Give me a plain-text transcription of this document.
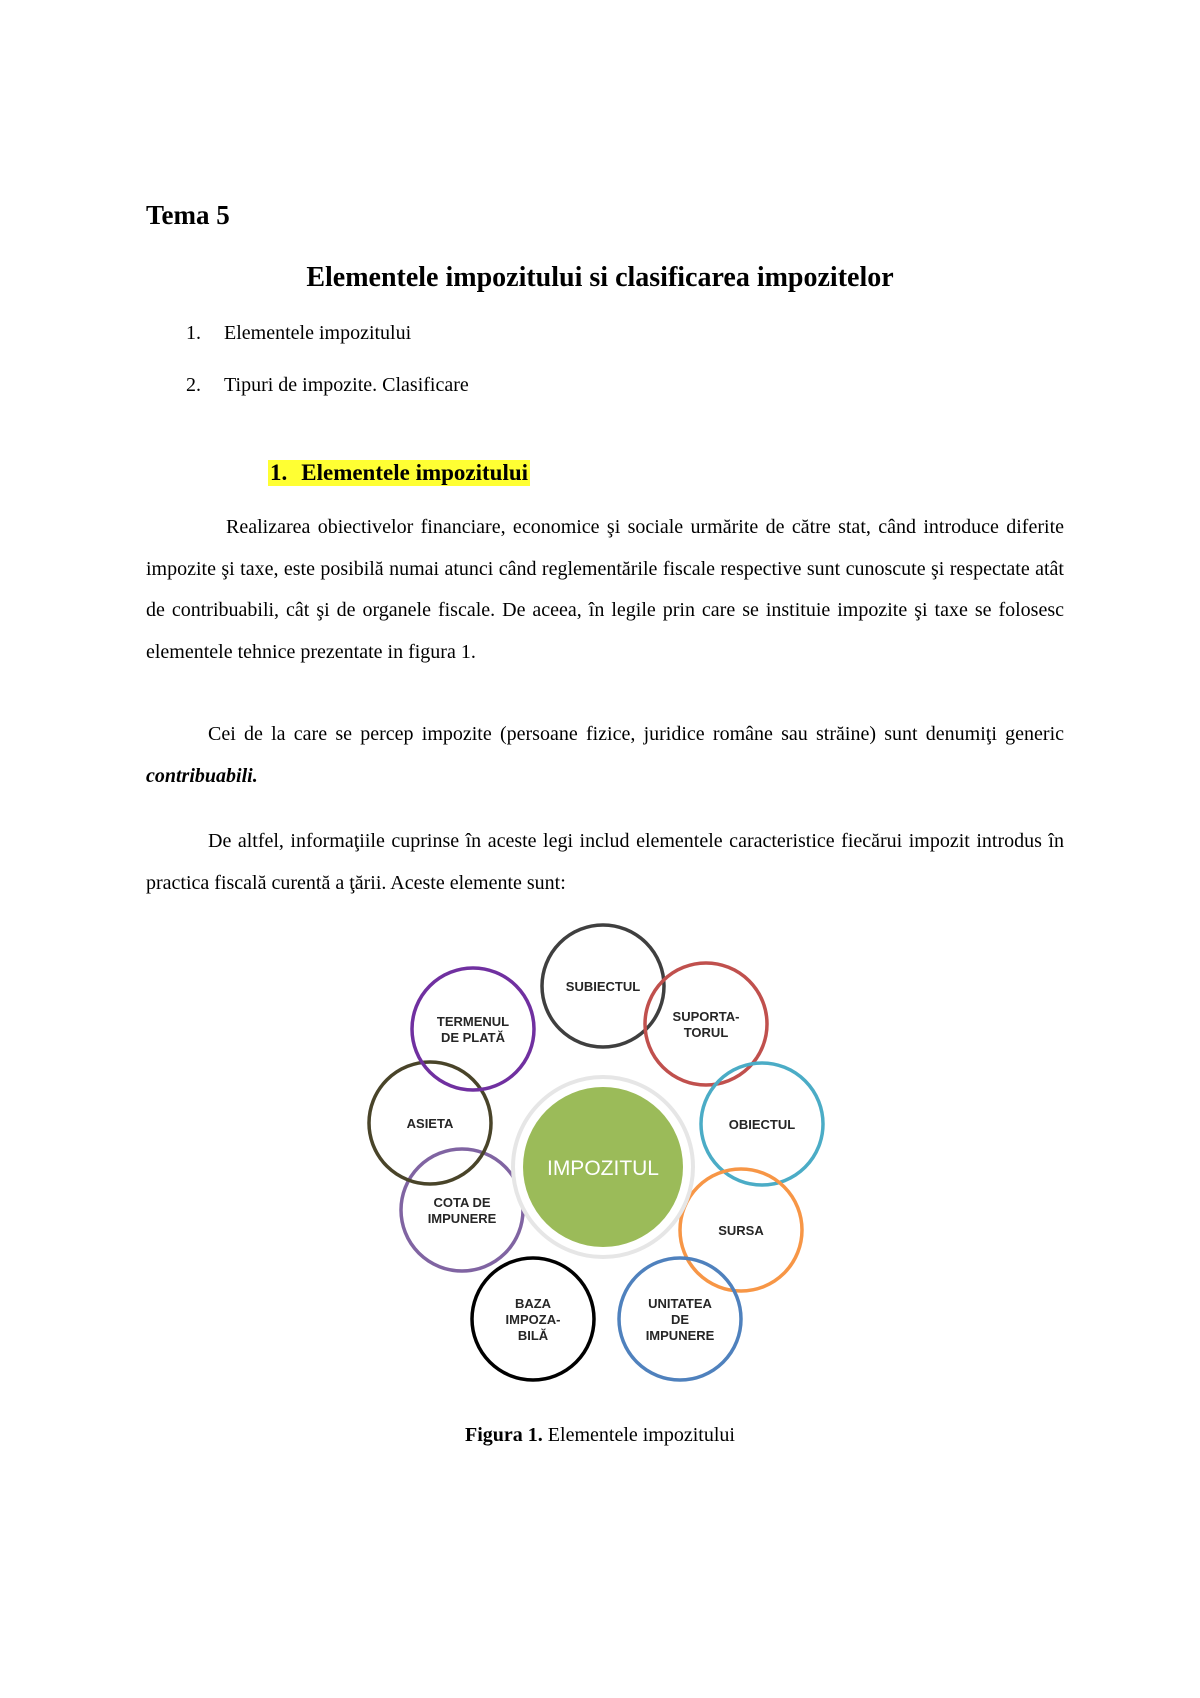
Tema 5
Elementele impozitului si clasificarea impozitelor
1. Elementele impozitului
2. Tipuri de impozite. Clasificare
1. Elementele impozitului
Realizarea obiectivelor financiare, economice şi sociale urmărite de către stat, când introduce diferite impozite şi taxe, este posibilă numai atunci când reglementările fiscale respective sunt cunoscute şi respectate atât de contribuabili, cât şi de organele fiscale. De aceea, în legile prin care se instituie impozite şi taxe se folosesc elementele tehnice prezentate in figura 1.
Cei de la care se percep impozite (persoane fizice, juridice române sau străine) sunt denumiţi generic contribuabili.
De altfel, informaţiile cuprinse în aceste legi includ elementele caracteristice fiecărui impozit introdus în practica fiscală curentă a ţării. Aceste elemente sunt:
SUBIECTUL
SUPORTA-
TORUL
OBIECTUL
SURSA
UNITATEA
DE
IMPUNERE
BAZA
IMPOZA-
BILĂ
COTA DE
IMPUNERE
ASIETA
TERMENUL
DE PLATĂ
IMPOZITUL
Figura 1. Elementele impozitului
